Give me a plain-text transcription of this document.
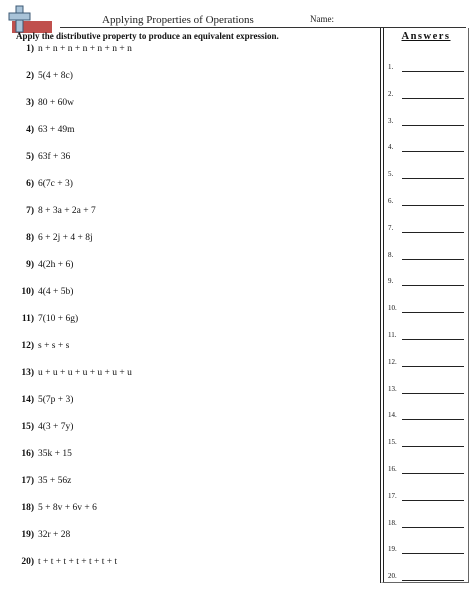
Applying Properties of Operations	Name:
Apply the distributive property to produce an equivalent expression.
1) n + n + n + n + n + n + n
2) 5(4 + 8c)
3) 80 + 60w
4) 63 + 49m
5) 63f + 36
6) 6(7c + 3)
7) 8 + 3a + 2a + 7
8) 6 + 2j + 4 + 8j
9) 4(2h + 6)
10) 4(4 + 5b)
11) 7(10 + 6g)
12) s + s + s
13) u + u + u + u + u + u + u
14) 5(7p + 3)
15) 4(3 + 7y)
16) 35k + 15
17) 35 + 56z
18) 5 + 8v + 6v + 6
19) 32r + 28
20) t + t + t + t + t + t + t
Answers
1.
2.
3.
4.
5.
6.
7.
8.
9.
10.
11.
12.
13.
14.
15.
16.
17.
18.
19.
20.
